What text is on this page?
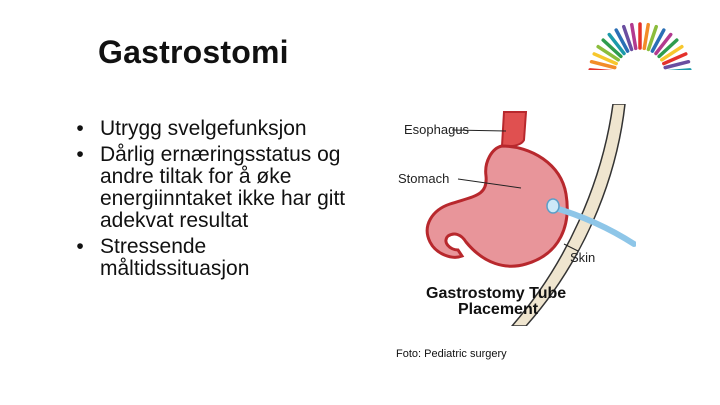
Gastrostomi
• Utrygg svelgefunksjon
• Dårlig ernæringsstatus og andre tiltak for å øke energiinntaket ikke har gitt adekvat resultat
• Stressende måltidssituasjon
Esophagus
Stomach
Skin
Gastrostomy Tube
Placement
Foto: Pediatric surgery
